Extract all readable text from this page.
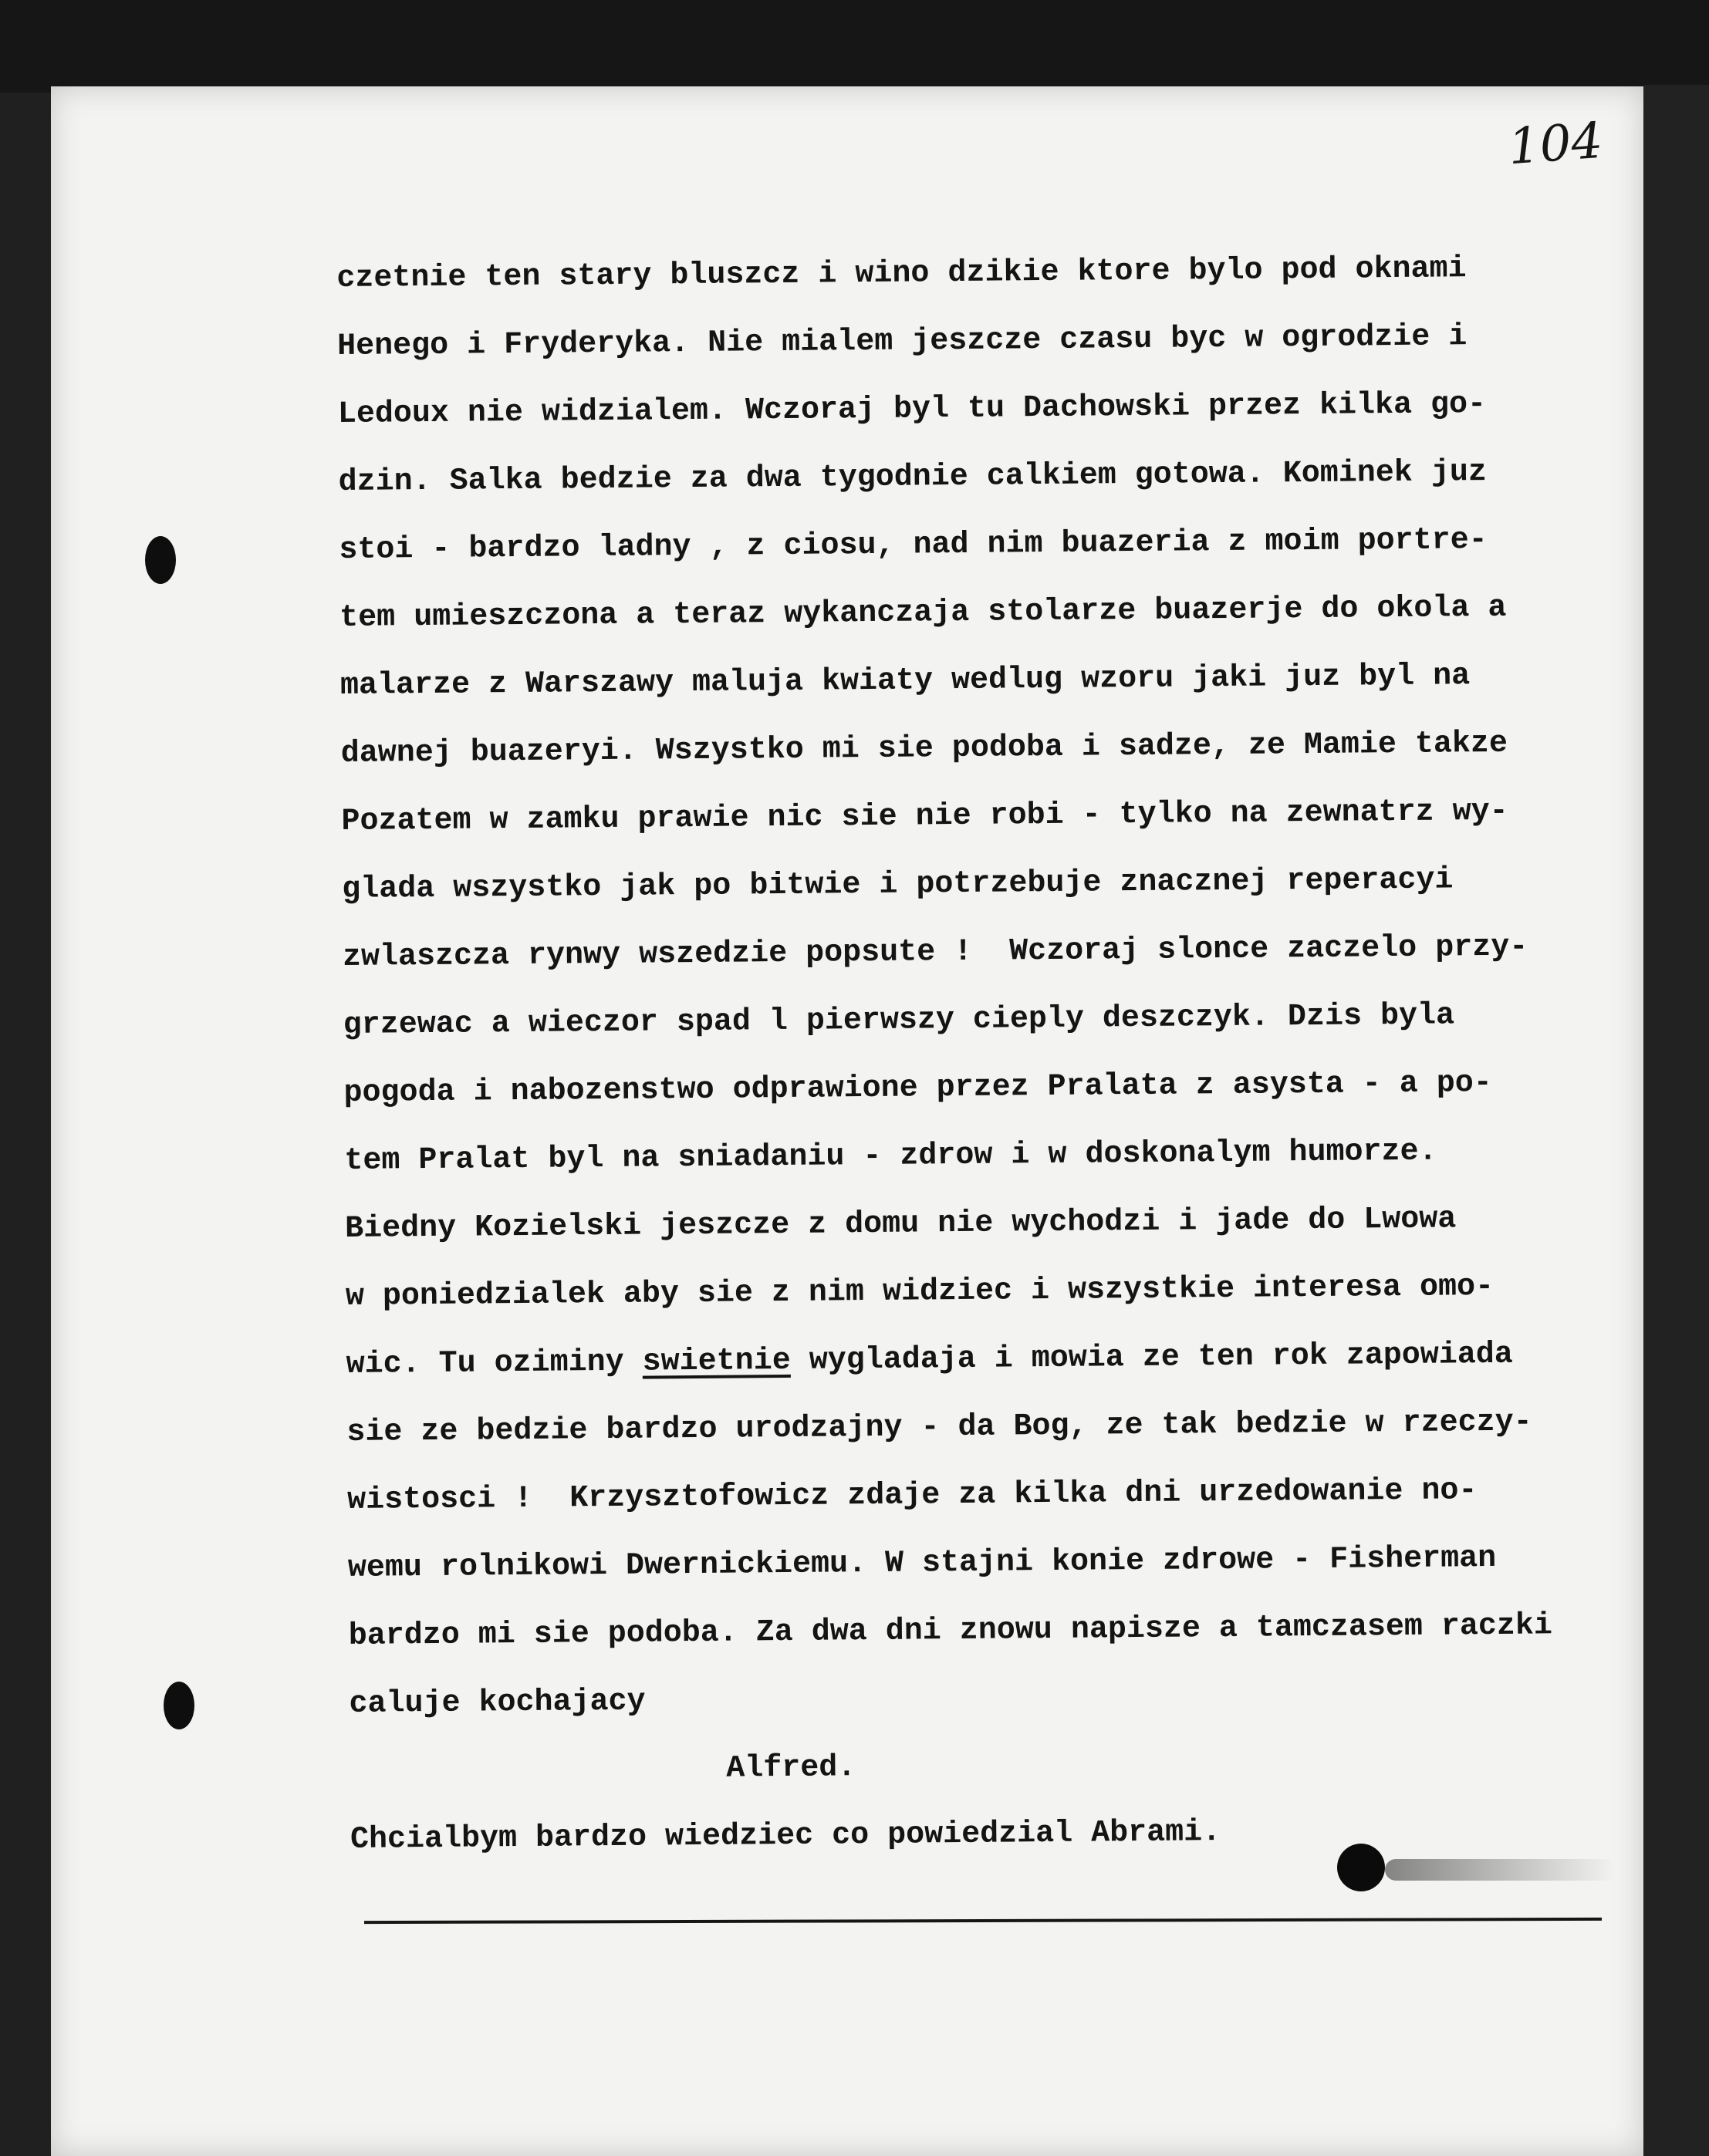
104
czetnie ten stary bluszcz i wino dzikie ktore bylo pod oknami
Henego i Fryderyka. Nie mialem jeszcze czasu byc w ogrodzie i
Ledoux nie widzialem. Wczoraj byl tu Dachowski przez kilka go-
dzin. Salka bedzie za dwa tygodnie calkiem gotowa. Kominek juz
stoi - bardzo ladny , z ciosu, nad nim buazeria z moim portre-
tem umieszczona a teraz wykanczaja stolarze buazerje do okola a
malarze z Warszawy maluja kwiaty wedlug wzoru jaki juz byl na
dawnej buazeryi. Wszystko mi sie podoba i sadze, ze Mamie takze
Pozatem w zamku prawie nic sie nie robi - tylko na zewnatrz wy-
glada wszystko jak po bitwie i potrzebuje znacznej reperacyi
zwlaszcza rynwy wszedzie popsute !  Wczoraj slonce zaczelo przy-
grzewac a wieczor spad l pierwszy cieply deszczyk. Dzis byla
pogoda i nabozenstwo odprawione przez Pralata z asysta - a po-
tem Pralat byl na sniadaniu - zdrow i w doskonalym humorze.
Biedny Kozielski jeszcze z domu nie wychodzi i jade do Lwowa
w poniedzialek aby sie z nim widziec i wszystkie interesa omo-
wic. Tu oziminy swietnie wygladaja i mowia ze ten rok zapowiada
sie ze bedzie bardzo urodzajny - da Bog, ze tak bedzie w rzeczy-
wistosci !  Krzysztofowicz zdaje za kilka dni urzedowanie no-
wemu rolnikowi Dwernickiemu. W stajni konie zdrowe - Fisherman
bardzo mi sie podoba. Za dwa dni znowu napisze a tamczasem raczki
caluje kochajacy
Alfred.
Chcialbym bardzo wiedziec co powiedzial Abrami.
